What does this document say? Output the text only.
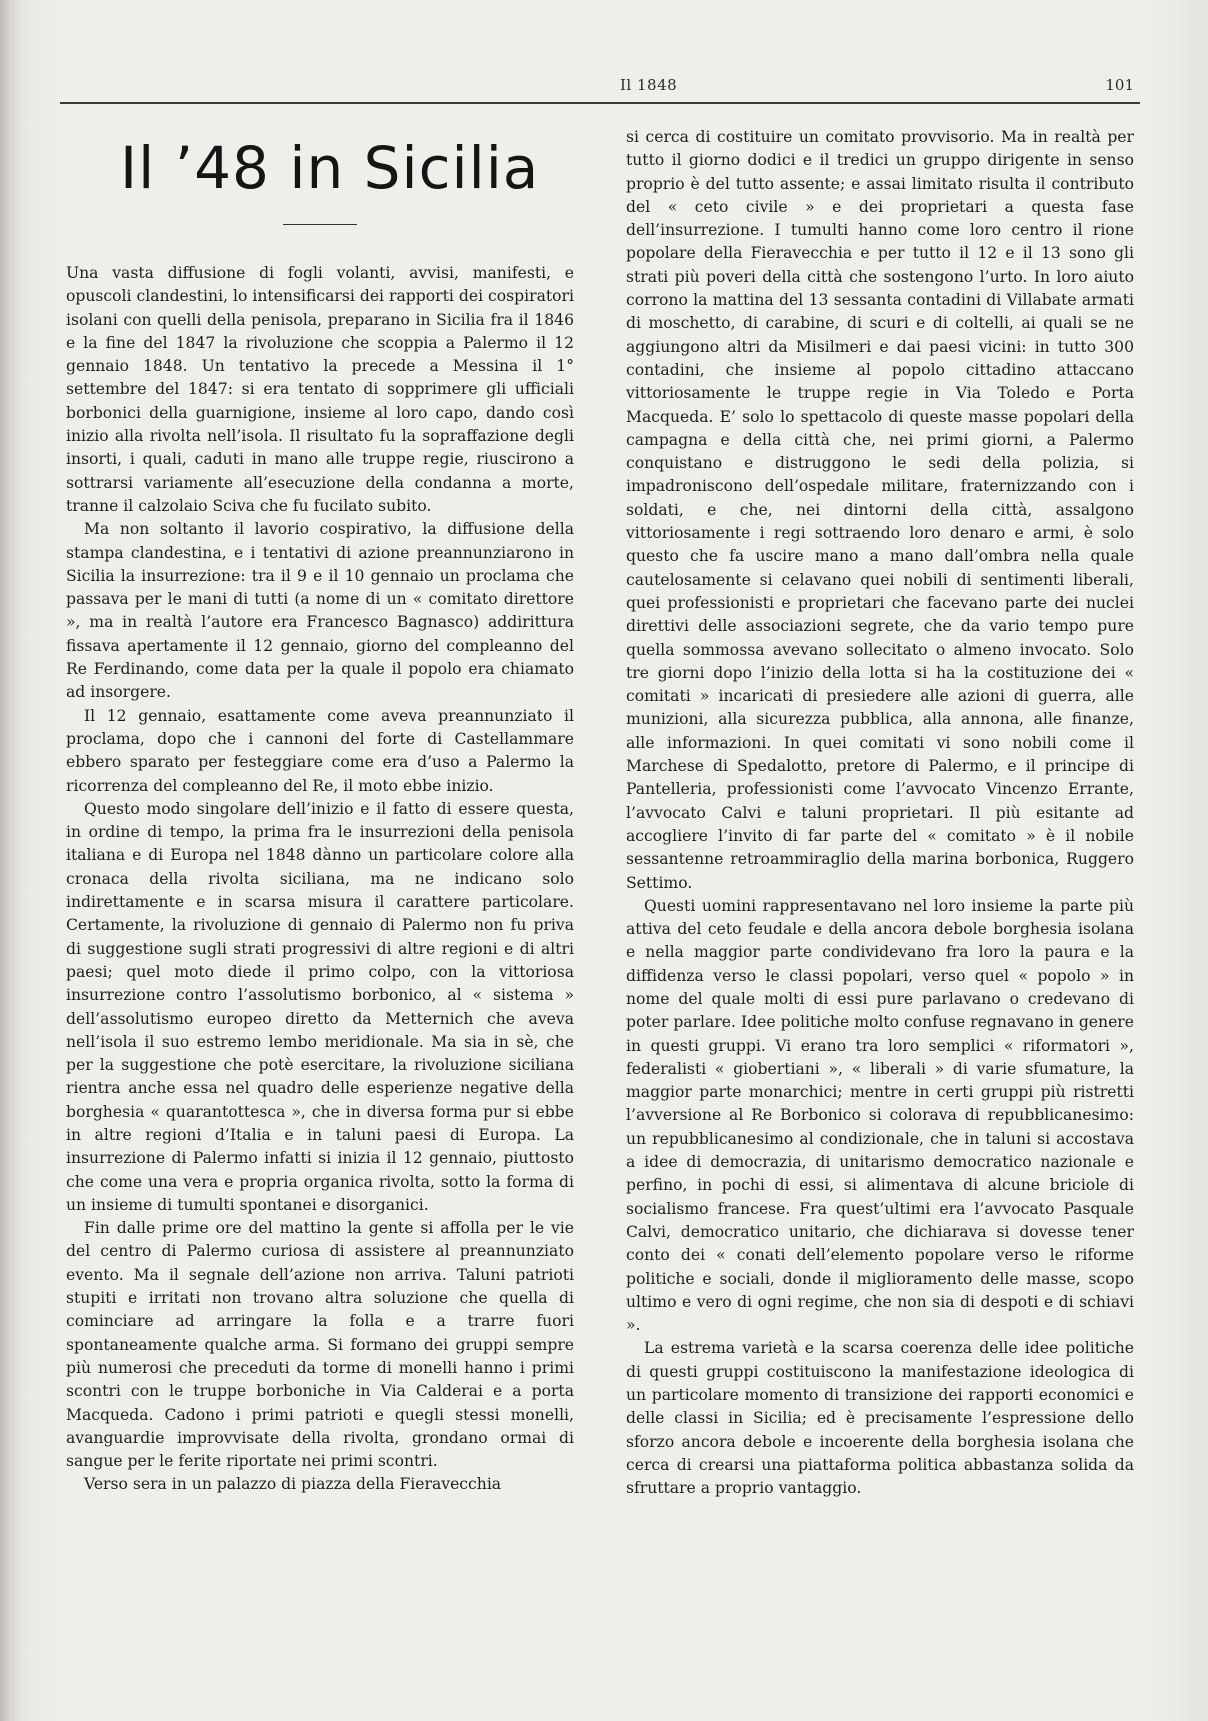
Il 1848	101
Il ’48 in Sicilia

Una vasta diffusione di fogli volanti, avvisi, manifesti, e opuscoli clandestini, lo intensificarsi dei rapporti dei cospiratori isolani con quelli della penisola, preparano in Sicilia fra il 1846 e la fine del 1847 la rivoluzione che scoppia a Palermo il 12 gennaio 1848. Un tentativo la precede a Messina il 1° settembre del 1847: si era tentato di sopprimere gli ufficiali borbonici della guarnigione, insieme al loro capo, dando così inizio alla rivolta nell’isola. Il risultato fu la sopraffazione degli insorti, i quali, caduti in mano alle truppe regie, riuscirono a sottrarsi variamente all’esecuzione della condanna a morte, tranne il calzolaio Sciva che fu fucilato subito.

Ma non soltanto il lavorio cospirativo, la diffusione della stampa clandestina, e i tentativi di azione preannunziarono in Sicilia la insurrezione: tra il 9 e il 10 gennaio un proclama che passava per le mani di tutti (a nome di un « comitato direttore », ma in realtà l’autore era Francesco Bagnasco) addirittura fissava apertamente il 12 gennaio, giorno del compleanno del Re Ferdinando, come data per la quale il popolo era chiamato ad insorgere.

Il 12 gennaio, esattamente come aveva preannunziato il proclama, dopo che i cannoni del forte di Castellammare ebbero sparato per festeggiare come era d’uso a Palermo la ricorrenza del compleanno del Re, il moto ebbe inizio.

Questo modo singolare dell’inizio e il fatto di essere questa, in ordine di tempo, la prima fra le insurrezioni della penisola italiana e di Europa nel 1848 dànno un particolare colore alla cronaca della rivolta siciliana, ma ne indicano solo indirettamente e in scarsa misura il carattere particolare. Certamente, la rivoluzione di gennaio di Palermo non fu priva di suggestione sugli strati progressivi di altre regioni e di altri paesi; quel moto diede il primo colpo, con la vittoriosa insurrezione contro l’assolutismo borbonico, al « sistema » dell’assolutismo europeo diretto da Metternich che aveva nell’isola il suo estremo lembo meridionale. Ma sia in sè, che per la suggestione che potè esercitare, la rivoluzione siciliana rientra anche essa nel quadro delle esperienze negative della borghesia « quarantottesca », che in diversa forma pur si ebbe in altre regioni d’Italia e in taluni paesi di Europa. La insurrezione di Palermo infatti si inizia il 12 gennaio, piuttosto che come una vera e propria organica rivolta, sotto la forma di un insieme di tumulti spontanei e disorganici.

Fin dalle prime ore del mattino la gente si affolla per le vie del centro di Palermo curiosa di assistere al preannunziato evento. Ma il segnale dell’azione non arriva. Taluni patrioti stupiti e irritati non trovano altra soluzione che quella di cominciare ad arringare la folla e a trarre fuori spontaneamente qualche arma. Si formano dei gruppi sempre più numerosi che preceduti da torme di monelli hanno i primi scontri con le truppe borboniche in Via Calderai e a porta Macqueda. Cadono i primi patrioti e quegli stessi monelli, avanguardie improvvisate della rivolta, grondano ormai di sangue per le ferite riportate nei primi scontri.

Verso sera in un palazzo di piazza della Fieravecchia

si cerca di costituire un comitato provvisorio. Ma in realtà per tutto il giorno dodici e il tredici un gruppo dirigente in senso proprio è del tutto assente; e assai limitato risulta il contributo del « ceto civile » e dei proprietari a questa fase dell’insurrezione. I tumulti hanno come loro centro il rione popolare della Fieravecchia e per tutto il 12 e il 13 sono gli strati più poveri della città che sostengono l’urto. In loro aiuto corrono la mattina del 13 sessanta contadini di Villabate armati di moschetto, di carabine, di scuri e di coltelli, ai quali se ne aggiungono altri da Misilmeri e dai paesi vicini: in tutto 300 contadini, che insieme al popolo cittadino attaccano vittoriosamente le truppe regie in Via Toledo e Porta Macqueda. E’ solo lo spettacolo di queste masse popolari della campagna e della città che, nei primi giorni, a Palermo conquistano e distruggono le sedi della polizia, si impadroniscono dell’ospedale militare, fraternizzando con i soldati, e che, nei dintorni della città, assalgono vittoriosamente i regi sottraendo loro denaro e armi, è solo questo che fa uscire mano a mano dall’ombra nella quale cautelosamente si celavano quei nobili di sentimenti liberali, quei professionisti e proprietari che facevano parte dei nuclei direttivi delle associazioni segrete, che da vario tempo pure quella sommossa avevano sollecitato o almeno invocato. Solo tre giorni dopo l’inizio della lotta si ha la costituzione dei « comitati » incaricati di presiedere alle azioni di guerra, alle munizioni, alla sicurezza pubblica, alla annona, alle finanze, alle informazioni. In quei comitati vi sono nobili come il Marchese di Spedalotto, pretore di Palermo, e il principe di Pantelleria, professionisti come l’avvocato Vincenzo Errante, l’avvocato Calvi e taluni proprietari. Il più esitante ad accogliere l’invito di far parte del « comitato » è il nobile sessantenne retroammiraglio della marina borbonica, Ruggero Settimo.

Questi uomini rappresentavano nel loro insieme la parte più attiva del ceto feudale e della ancora debole borghesia isolana e nella maggior parte condividevano fra loro la paura e la diffidenza verso le classi popolari, verso quel « popolo » in nome del quale molti di essi pure parlavano o credevano di poter parlare. Idee politiche molto confuse regnavano in genere in questi gruppi. Vi erano tra loro semplici « riformatori », federalisti « giobertiani », « liberali » di varie sfumature, la maggior parte monarchici; mentre in certi gruppi più ristretti l’avversione al Re Borbonico si colorava di repubblicanesimo: un repubblicanesimo al condizionale, che in taluni si accostava a idee di democrazia, di unitarismo democratico nazionale e perfino, in pochi di essi, si alimentava di alcune briciole di socialismo francese. Fra quest’ultimi era l’avvocato Pasquale Calvi, democratico unitario, che dichiarava si dovesse tener conto dei « conati dell’elemento popolare verso le riforme politiche e sociali, donde il miglioramento delle masse, scopo ultimo e vero di ogni regime, che non sia di despoti e di schiavi ».

La estrema varietà e la scarsa coerenza delle idee politiche di questi gruppi costituiscono la manifestazione ideologica di un particolare momento di transizione dei rapporti economici e delle classi in Sicilia; ed è precisamente l’espressione dello sforzo ancora debole e incoerente della borghesia isolana che cerca di crearsi una piattaforma politica abbastanza solida da sfruttare a proprio vantaggio.
